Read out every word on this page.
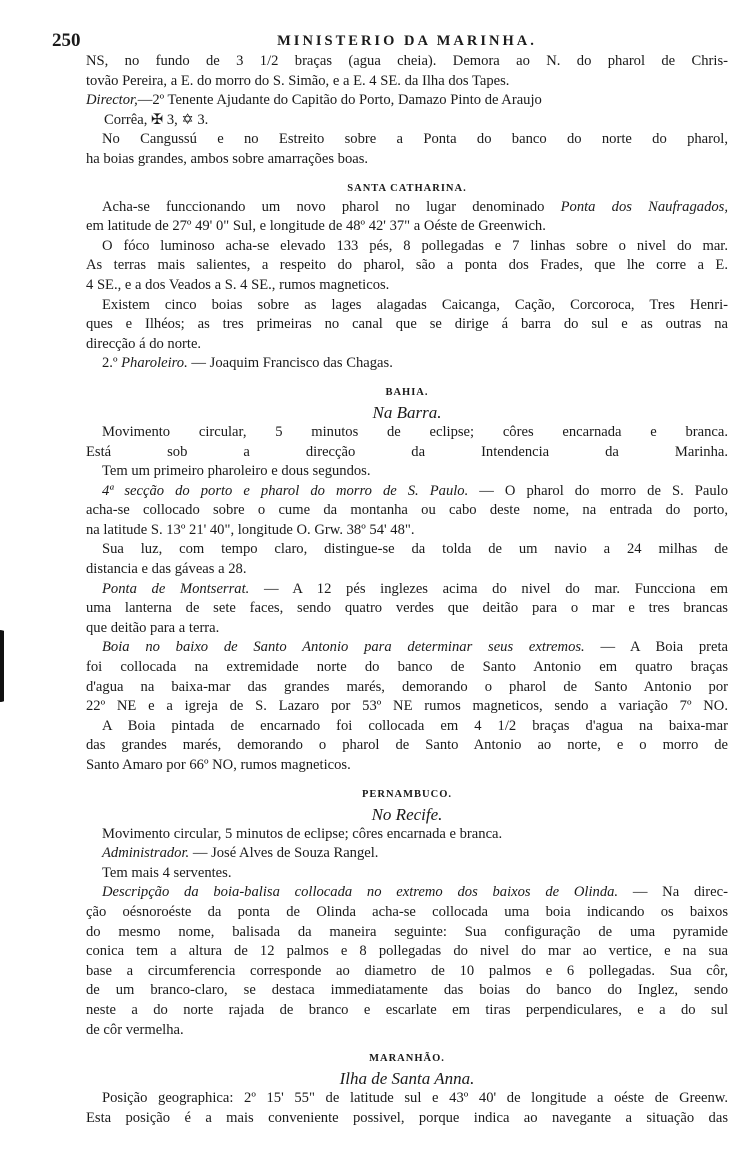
250	MINISTERIO DA MARINHA.
NS, no fundo de 3 1/2 braças (agua cheia). Demora ao N. do pharol de Chris-
tovão Pereira, a E. do morro do S. Simão, e a E. 4 SE. da Ilha dos Tapes.
Director,—2º Tenente Ajudante do Capitão do Porto, Damazo Pinto de Araujo
Corrêa, ✠ 3, ✡ 3.
No Cangussú e no Estreito sobre a Ponta do banco do norte do pharol,
ha boias grandes, ambos sobre amarrações boas.
SANTA CATHARINA.
Acha-se funccionando um novo pharol no lugar denominado Ponta dos Naufragados,
em latitude de 27º 49' 0" Sul, e longitude de 48º 42' 37" a Oéste de Greenwich.
O fóco luminoso acha-se elevado 133 pés, 8 pollegadas e 7 linhas sobre o nivel do mar.
As terras mais salientes, a respeito do pharol, são a ponta dos Frades, que lhe corre a E.
4 SE., e a dos Veados a S. 4 SE., rumos magneticos.
Existem cinco boias sobre as lages alagadas Caicanga, Cação, Corcoroca, Tres Henri-
ques e Ilhéos; as tres primeiras no canal que se dirige á barra do sul e as outras na
direcção á do norte.
2.º Pharoleiro. — Joaquim Francisco das Chagas.
BAHIA.
Na Barra.
Movimento circular, 5 minutos de eclipse; côres encarnada e branca.
Está sob a direcção da Intendencia da Marinha.
Tem um primeiro pharoleiro e dous segundos.
4ª secção do porto e pharol do morro de S. Paulo. — O pharol do morro de S. Paulo
acha-se collocado sobre o cume da montanha ou cabo deste nome, na entrada do porto,
na latitude S. 13º 21' 40", longitude O. Grw. 38º 54' 48".
Sua luz, com tempo claro, distingue-se da tolda de um navio a 24 milhas de
distancia e das gáveas a 28.
Ponta de Montserrat. — A 12 pés inglezes acima do nivel do mar. Funcciona em
uma lanterna de sete faces, sendo quatro verdes que deitão para o mar e tres brancas
que deitão para a terra.
Boia no baixo de Santo Antonio para determinar seus extremos. — A Boia preta
foi collocada na extremidade norte do banco de Santo Antonio em quatro braças
d'agua na baixa-mar das grandes marés, demorando o pharol de Santo Antonio por
22º NE e a igreja de S. Lazaro por 53º NE rumos magneticos, sendo a variação 7º NO.
A Boia pintada de encarnado foi collocada em 4 1/2 braças d'agua na baixa-mar
das grandes marés, demorando o pharol de Santo Antonio ao norte, e o morro de
Santo Amaro por 66º NO, rumos magneticos.
PERNAMBUCO.
No Recife.
Movimento circular, 5 minutos de eclipse; côres encarnada e branca.
Administrador. — José Alves de Souza Rangel.
Tem mais 4 serventes.
Descripção da boia-balisa collocada no extremo dos baixos de Olinda. — Na direc-
ção oésnoroéste da ponta de Olinda acha-se collocada uma boia indicando os baixos
do mesmo nome, balisada da maneira seguinte: Sua configuração de uma pyramide
conica tem a altura de 12 palmos e 8 pollegadas do nivel do mar ao vertice, e na sua
base a circumferencia corresponde ao diametro de 10 palmos e 6 pollegadas. Sua côr,
de um branco-claro, se destaca immediatamente das boias do banco do Inglez, sendo
neste a do norte rajada de branco e escarlate em tiras perpendiculares, e a do sul
de côr vermelha.
MARANHÃO.
Ilha de Santa Anna.
Posição geographica: 2º 15' 55" de latitude sul e 43º 40' de longitude a oéste de Greenw.
Esta posição é a mais conveniente possivel, porque indica ao navegante a situação das
